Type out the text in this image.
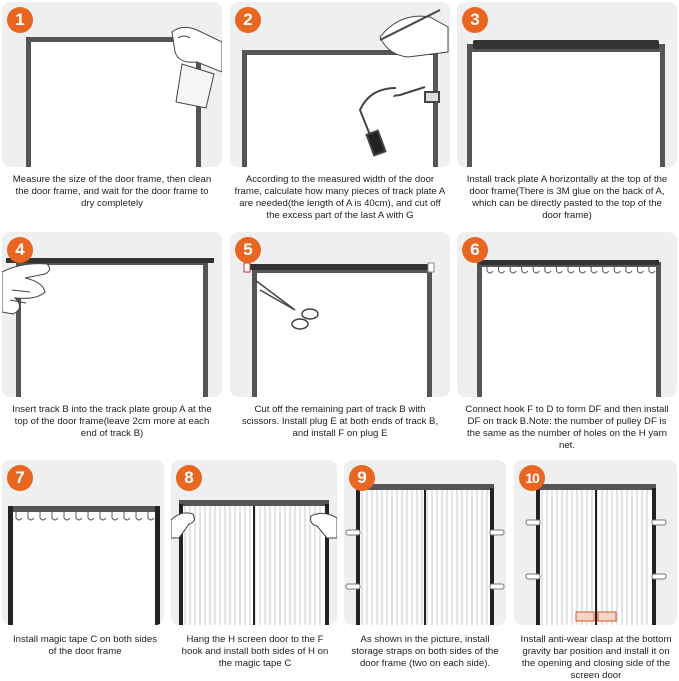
1
Measure the size of the door frame, then clean the door frame, and wait for the door frame to dry completely
2
According to the measured width of the door frame, calculate how many pieces of track plate A are needed(the length of A is 40cm), and cut off the excess part of the last A with G
3
Install track plate A horizontally at the top of the door frame(There is 3M glue on the back of A, which can be directly pasted to the top of the door frame)
4
Insert track B into the track plate group A at the top of the door frame(leave 2cm more at each end of track B)
5
Cut off the remaining part of track B with scissors. Install plug E at both ends of track B, and install F on plug E
6
Connect hook F to D to form DF and then install DF on track B.Note: the number of pulley DF is the same as the number of holes on the H yarn net.
7
Install magic tape C on both sides of the door frame
8
Hang the H screen door to the F hook and install both sides of H on the magic tape C
9
As shown in the picture, install storage straps on both sides of the door frame (two on each side).
10
Install anti-wear clasp at the bottom gravity bar position and install it on the opening and closing side of the screen door
